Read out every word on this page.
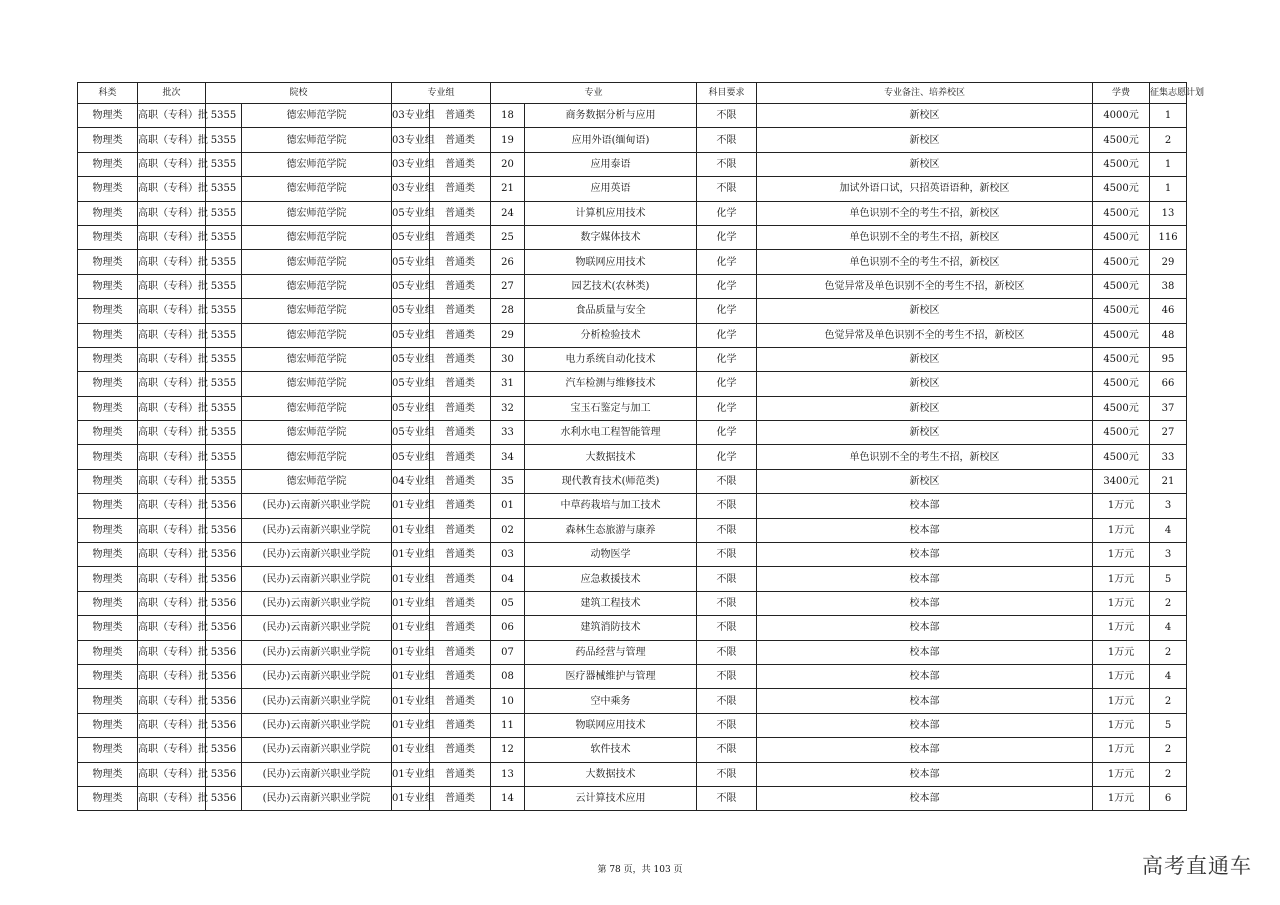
科类	批次	院校		专业组		专业		科目要求	专业备注、培养校区	学费	征集志愿计划
物理类	高职（专科）批	5355	德宏师范学院	03专业组	普通类	18	商务数据分析与应用	不限	新校区	4000元	1
物理类	高职（专科）批	5355	德宏师范学院	03专业组	普通类	19	应用外语(缅甸语)	不限	新校区	4500元	2
物理类	高职（专科）批	5355	德宏师范学院	03专业组	普通类	20	应用泰语	不限	新校区	4500元	1
物理类	高职（专科）批	5355	德宏师范学院	03专业组	普通类	21	应用英语	不限	加试外语口试，只招英语语种，新校区	4500元	1
物理类	高职（专科）批	5355	德宏师范学院	05专业组	普通类	24	计算机应用技术	化学	单色识别不全的考生不招，新校区	4500元	13
物理类	高职（专科）批	5355	德宏师范学院	05专业组	普通类	25	数字媒体技术	化学	单色识别不全的考生不招，新校区	4500元	116
物理类	高职（专科）批	5355	德宏师范学院	05专业组	普通类	26	物联网应用技术	化学	单色识别不全的考生不招，新校区	4500元	29
物理类	高职（专科）批	5355	德宏师范学院	05专业组	普通类	27	园艺技术(农林类)	化学	色觉异常及单色识别不全的考生不招，新校区	4500元	38
物理类	高职（专科）批	5355	德宏师范学院	05专业组	普通类	28	食品质量与安全	化学	新校区	4500元	46
物理类	高职（专科）批	5355	德宏师范学院	05专业组	普通类	29	分析检验技术	化学	色觉异常及单色识别不全的考生不招，新校区	4500元	48
物理类	高职（专科）批	5355	德宏师范学院	05专业组	普通类	30	电力系统自动化技术	化学	新校区	4500元	95
物理类	高职（专科）批	5355	德宏师范学院	05专业组	普通类	31	汽车检测与维修技术	化学	新校区	4500元	66
物理类	高职（专科）批	5355	德宏师范学院	05专业组	普通类	32	宝玉石鉴定与加工	化学	新校区	4500元	37
物理类	高职（专科）批	5355	德宏师范学院	05专业组	普通类	33	水利水电工程智能管理	化学	新校区	4500元	27
物理类	高职（专科）批	5355	德宏师范学院	05专业组	普通类	34	大数据技术	化学	单色识别不全的考生不招，新校区	4500元	33
物理类	高职（专科）批	5355	德宏师范学院	04专业组	普通类	35	现代教育技术(师范类)	不限	新校区	3400元	21
物理类	高职（专科）批	5356	(民办)云南新兴职业学院	01专业组	普通类	01	中草药栽培与加工技术	不限	校本部	1万元	3
物理类	高职（专科）批	5356	(民办)云南新兴职业学院	01专业组	普通类	02	森林生态旅游与康养	不限	校本部	1万元	4
物理类	高职（专科）批	5356	(民办)云南新兴职业学院	01专业组	普通类	03	动物医学	不限	校本部	1万元	3
物理类	高职（专科）批	5356	(民办)云南新兴职业学院	01专业组	普通类	04	应急救援技术	不限	校本部	1万元	5
物理类	高职（专科）批	5356	(民办)云南新兴职业学院	01专业组	普通类	05	建筑工程技术	不限	校本部	1万元	2
物理类	高职（专科）批	5356	(民办)云南新兴职业学院	01专业组	普通类	06	建筑消防技术	不限	校本部	1万元	4
物理类	高职（专科）批	5356	(民办)云南新兴职业学院	01专业组	普通类	07	药品经营与管理	不限	校本部	1万元	2
物理类	高职（专科）批	5356	(民办)云南新兴职业学院	01专业组	普通类	08	医疗器械维护与管理	不限	校本部	1万元	4
物理类	高职（专科）批	5356	(民办)云南新兴职业学院	01专业组	普通类	10	空中乘务	不限	校本部	1万元	2
物理类	高职（专科）批	5356	(民办)云南新兴职业学院	01专业组	普通类	11	物联网应用技术	不限	校本部	1万元	5
物理类	高职（专科）批	5356	(民办)云南新兴职业学院	01专业组	普通类	12	软件技术	不限	校本部	1万元	2
物理类	高职（专科）批	5356	(民办)云南新兴职业学院	01专业组	普通类	13	大数据技术	不限	校本部	1万元	2
物理类	高职（专科）批	5356	(民办)云南新兴职业学院	01专业组	普通类	14	云计算技术应用	不限	校本部	1万元	6
第 78 页，共 103 页	高考直通车
